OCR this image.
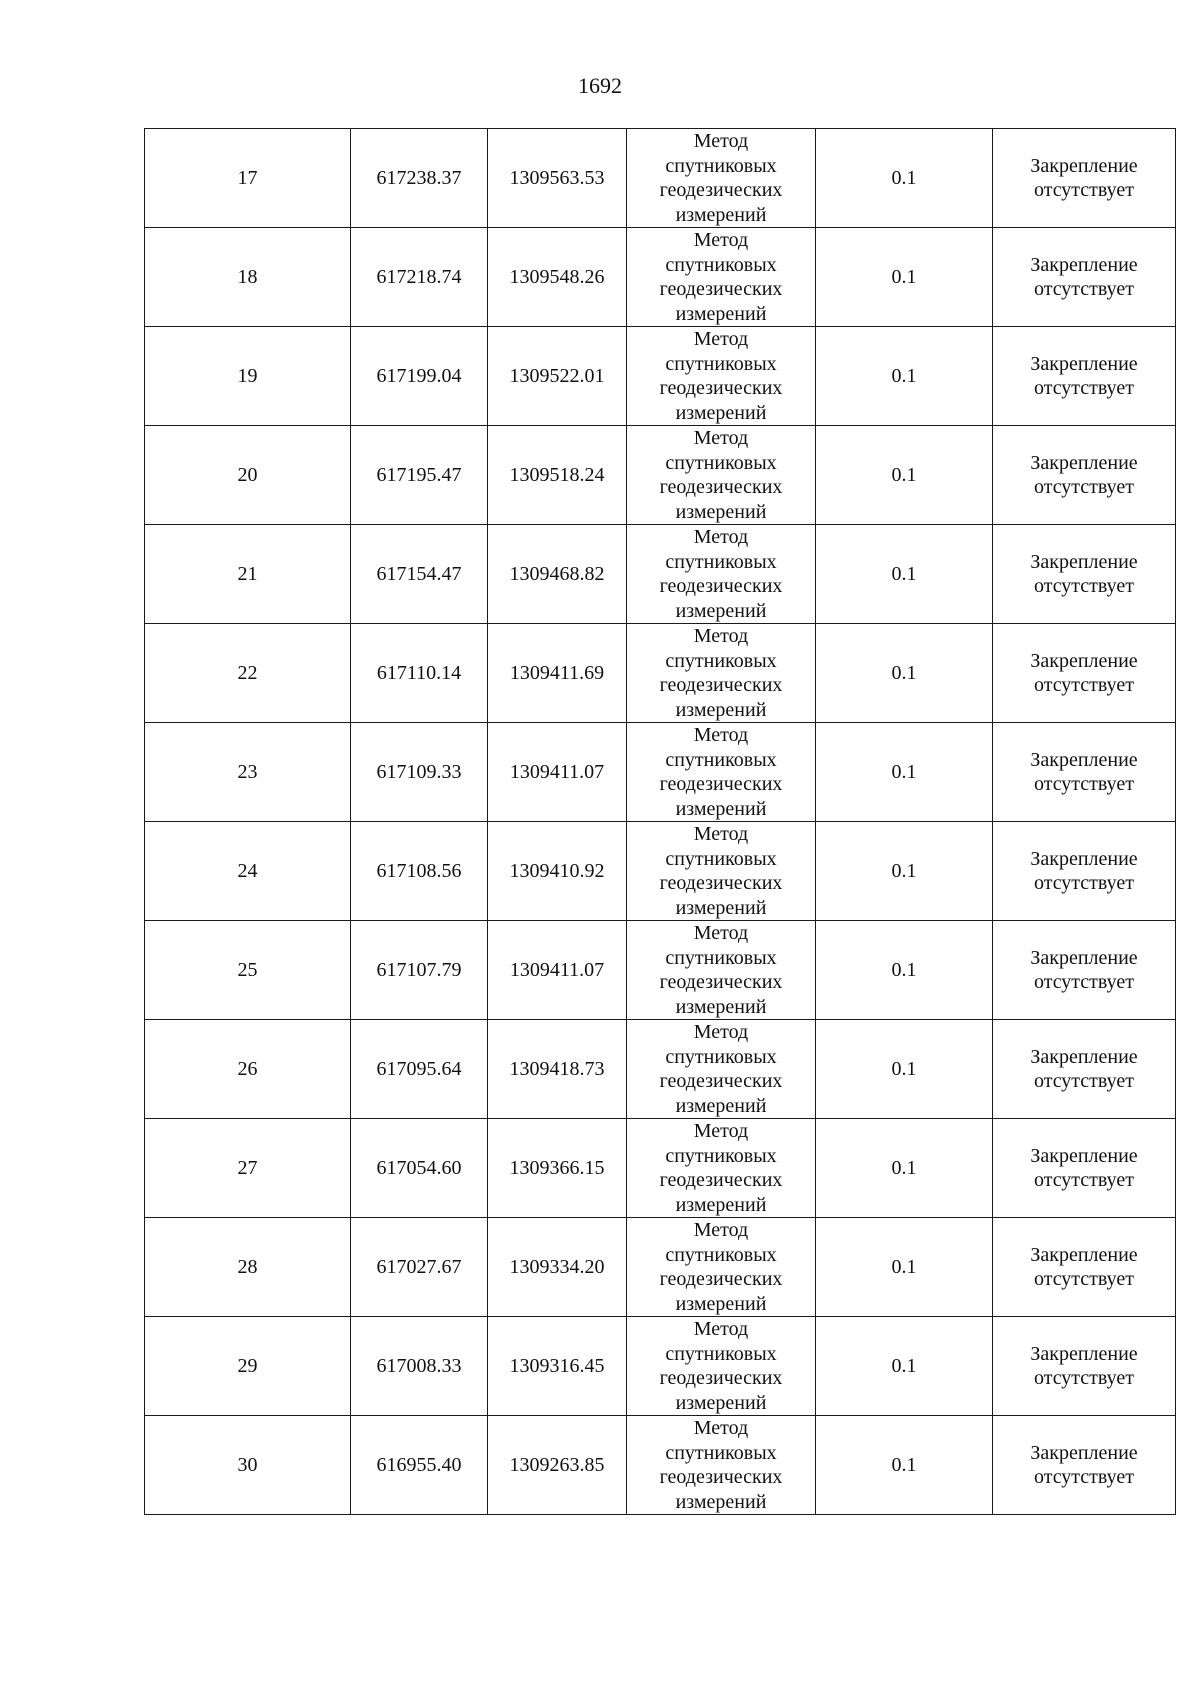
1692
17	617238.37	1309563.53	Метод
спутниковых
геодезических
измерений	0.1	Закрепление
отсутствует

18	617218.74	1309548.26	Метод
спутниковых
геодезических
измерений	0.1	Закрепление
отсутствует

19	617199.04	1309522.01	Метод
спутниковых
геодезических
измерений	0.1	Закрепление
отсутствует

20	617195.47	1309518.24	Метод
спутниковых
геодезических
измерений	0.1	Закрепление
отсутствует

21	617154.47	1309468.82	Метод
спутниковых
геодезических
измерений	0.1	Закрепление
отсутствует

22	617110.14	1309411.69	Метод
спутниковых
геодезических
измерений	0.1	Закрепление
отсутствует

23	617109.33	1309411.07	Метод
спутниковых
геодезических
измерений	0.1	Закрепление
отсутствует

24	617108.56	1309410.92	Метод
спутниковых
геодезических
измерений	0.1	Закрепление
отсутствует

25	617107.79	1309411.07	Метод
спутниковых
геодезических
измерений	0.1	Закрепление
отсутствует

26	617095.64	1309418.73	Метод
спутниковых
геодезических
измерений	0.1	Закрепление
отсутствует

27	617054.60	1309366.15	Метод
спутниковых
геодезических
измерений	0.1	Закрепление
отсутствует

28	617027.67	1309334.20	Метод
спутниковых
геодезических
измерений	0.1	Закрепление
отсутствует

29	617008.33	1309316.45	Метод
спутниковых
геодезических
измерений	0.1	Закрепление
отсутствует

30	616955.40	1309263.85	Метод
спутниковых
геодезических
измерений	0.1	Закрепление
отсутствует
